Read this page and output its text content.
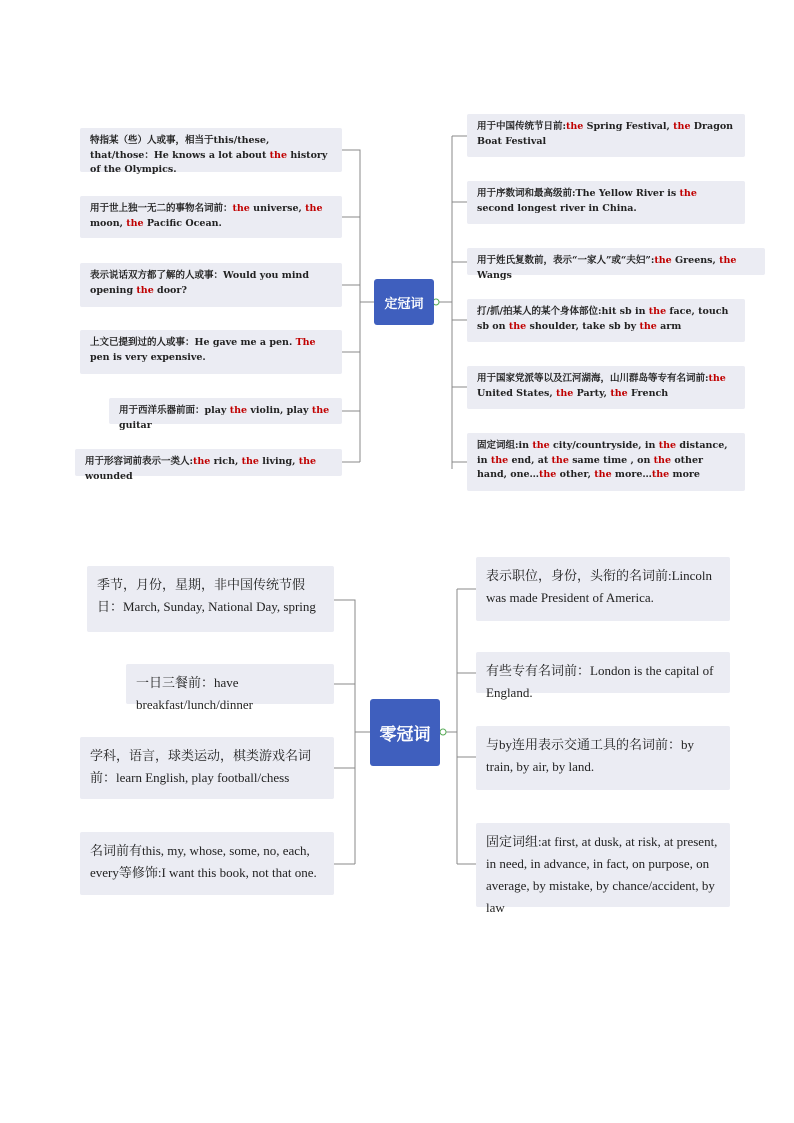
特指某（些）人或事，相当于this/these, that/those：He knows a lot about the history of the Olympics.
用于世上独一无二的事物名词前：the universe, the moon, the Pacific Ocean.
表示说话双方都了解的人或事：Would you mind opening the door?
上文已提到过的人或事：He gave me a pen. The pen is very expensive.
用于西洋乐器前面：play the violin, play the guitar
用于形容词前表示一类人:the rich, the living, the wounded
定冠词
用于中国传统节日前:the Spring Festival, the Dragon Boat Festival
用于序数词和最高级前:The Yellow River is the second longest river in China.
用于姓氏复数前，表示“一家人”或“夫妇”:the Greens, the Wangs
打/抓/拍某人的某个身体部位:hit sb in the face, touch sb on the shoulder, take sb by the arm
用于国家党派等以及江河湖海，山川群岛等专有名词前:the United States, the Party, the French
固定词组:in the city/countryside, in the distance, in the end, at the same time , on the other hand, one…the other, the more…the more
季节，月份，星期，非中国传统节假日：March, Sunday, National Day, spring
一日三餐前：have breakfast/lunch/dinner
学科，语言，球类运动，棋类游戏名词前：learn English, play football/chess
名词前有this, my, whose, some, no, each, every等修饰:I want this book, not that one.
零冠词
表示职位，身份，头衔的名词前:Lincoln was made President of America.
有些专有名词前：London is the capital of England.
与by连用表示交通工具的名词前：by train, by air, by land.
固定词组:at first, at dusk, at risk, at present, in need, in advance, in fact, on purpose, on average, by mistake, by chance/accident, by law
